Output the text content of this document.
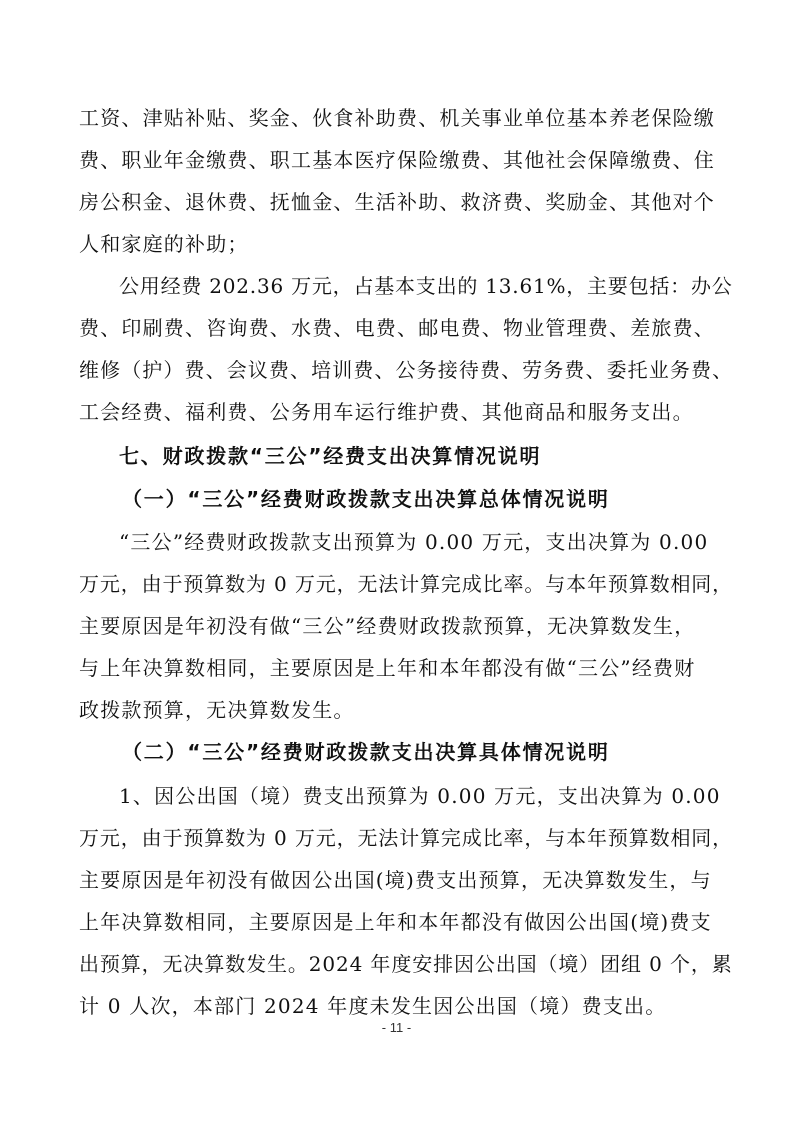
工资、津贴补贴、奖金、伙食补助费、机关事业单位基本养老保险缴
费、职业年金缴费、职工基本医疗保险缴费、其他社会保障缴费、住
房公积金、退休费、抚恤金、生活补助、救济费、奖励金、其他对个
人和家庭的补助；
公用经费 202.36 万元，占基本支出的 13.61%，主要包括：办公
费、印刷费、咨询费、水费、电费、邮电费、物业管理费、差旅费、
维修（护）费、会议费、培训费、公务接待费、劳务费、委托业务费、
工会经费、福利费、公务用车运行维护费、其他商品和服务支出。
七、财政拨款“三公”经费支出决算情况说明
（一）“三公”经费财政拨款支出决算总体情况说明
“三公”经费财政拨款支出预算为 0.00 万元，支出决算为 0.00
万元，由于预算数为 0 万元，无法计算完成比率。与本年预算数相同，
主要原因是年初没有做“三公”经费财政拨款预算，无决算数发生，
与上年决算数相同，主要原因是上年和本年都没有做“三公”经费财
政拨款预算，无决算数发生。
（二）“三公”经费财政拨款支出决算具体情况说明
1、因公出国（境）费支出预算为 0.00 万元，支出决算为 0.00
万元，由于预算数为 0 万元，无法计算完成比率，与本年预算数相同，
主要原因是年初没有做因公出国(境)费支出预算，无决算数发生，与
上年决算数相同，主要原因是上年和本年都没有做因公出国(境)费支
出预算，无决算数发生。2024 年度安排因公出国（境）团组 0 个，累
计 0 人次，本部门 2024 年度未发生因公出国（境）费支出。
- 11 -
